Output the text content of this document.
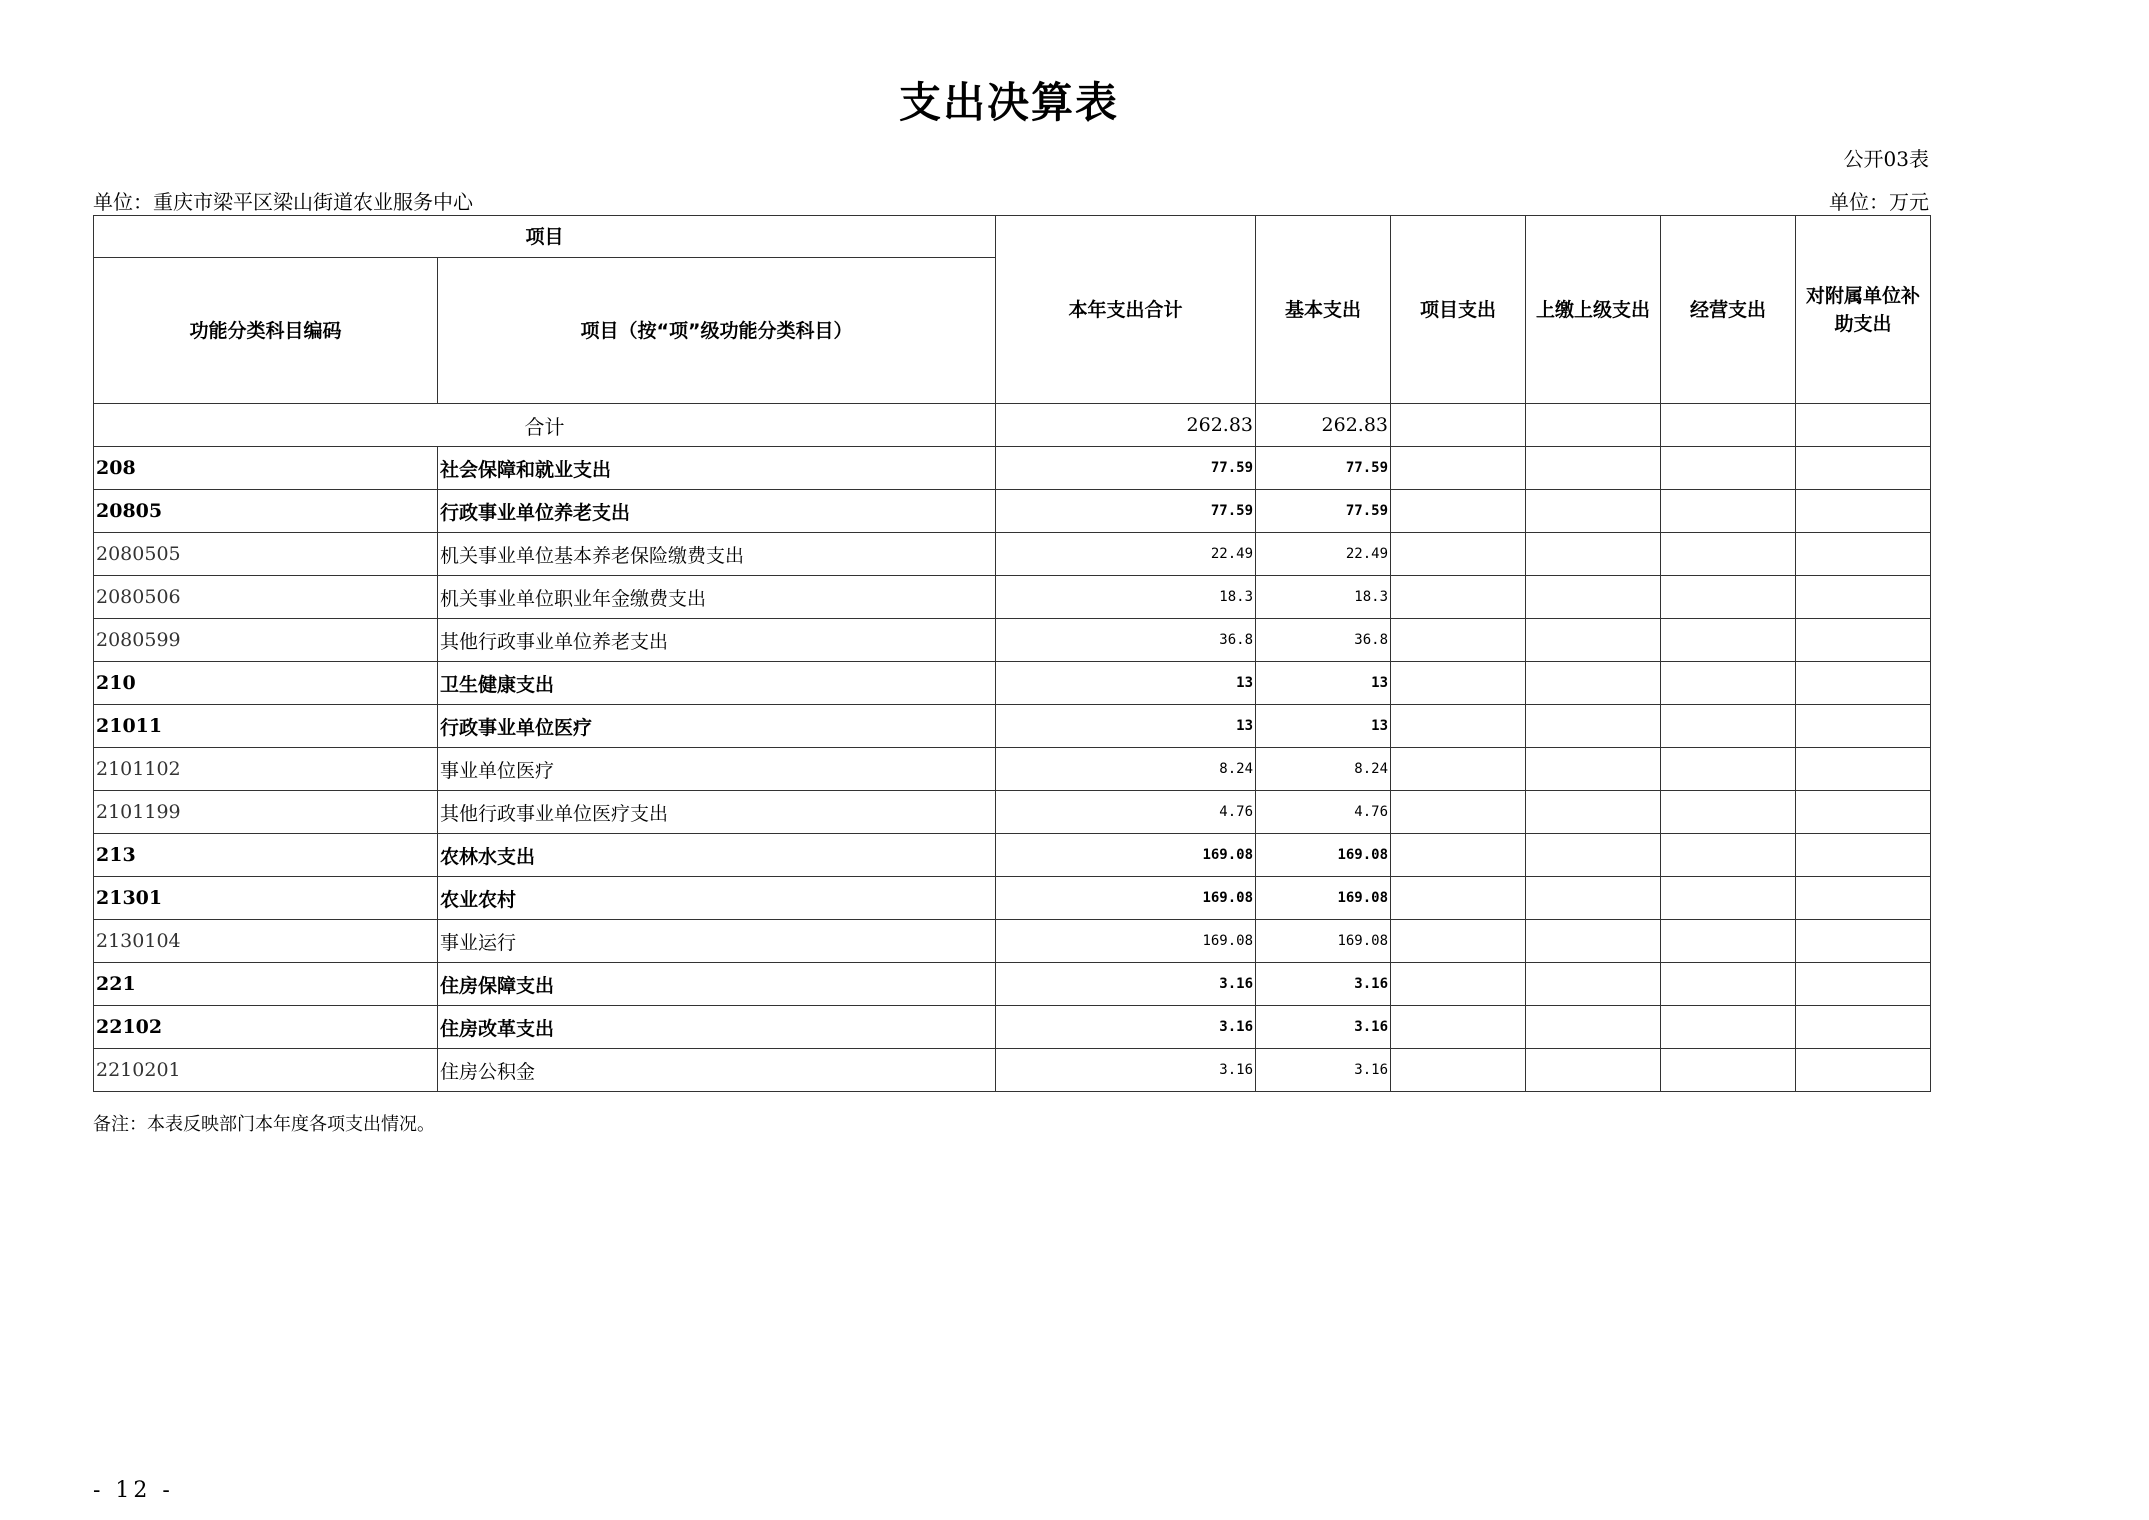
支出决算表
公开03表
单位：重庆市梁平区梁山街道农业服务中心	单位：万元
项目		本年支出合计	基本支出	项目支出	上缴上级支出	经营支出	对附属单位补助支出
功能分类科目编码	项目（按“项”级功能分类科目）						
合计		262.83	262.83				
208	社会保障和就业支出	77.59	77.59				
20805	行政事业单位养老支出	77.59	77.59				
2080505	机关事业单位基本养老保险缴费支出	22.49	22.49				
2080506	机关事业单位职业年金缴费支出	18.3	18.3				
2080599	其他行政事业单位养老支出	36.8	36.8				
210	卫生健康支出	13	13				
21011	行政事业单位医疗	13	13				
2101102	事业单位医疗	8.24	8.24				
2101199	其他行政事业单位医疗支出	4.76	4.76				
213	农林水支出	169.08	169.08				
21301	农业农村	169.08	169.08				
2130104	事业运行	169.08	169.08				
221	住房保障支出	3.16	3.16				
22102	住房改革支出	3.16	3.16				
2210201	住房公积金	3.16	3.16				
备注：本表反映部门本年度各项支出情况。
- 12 -
